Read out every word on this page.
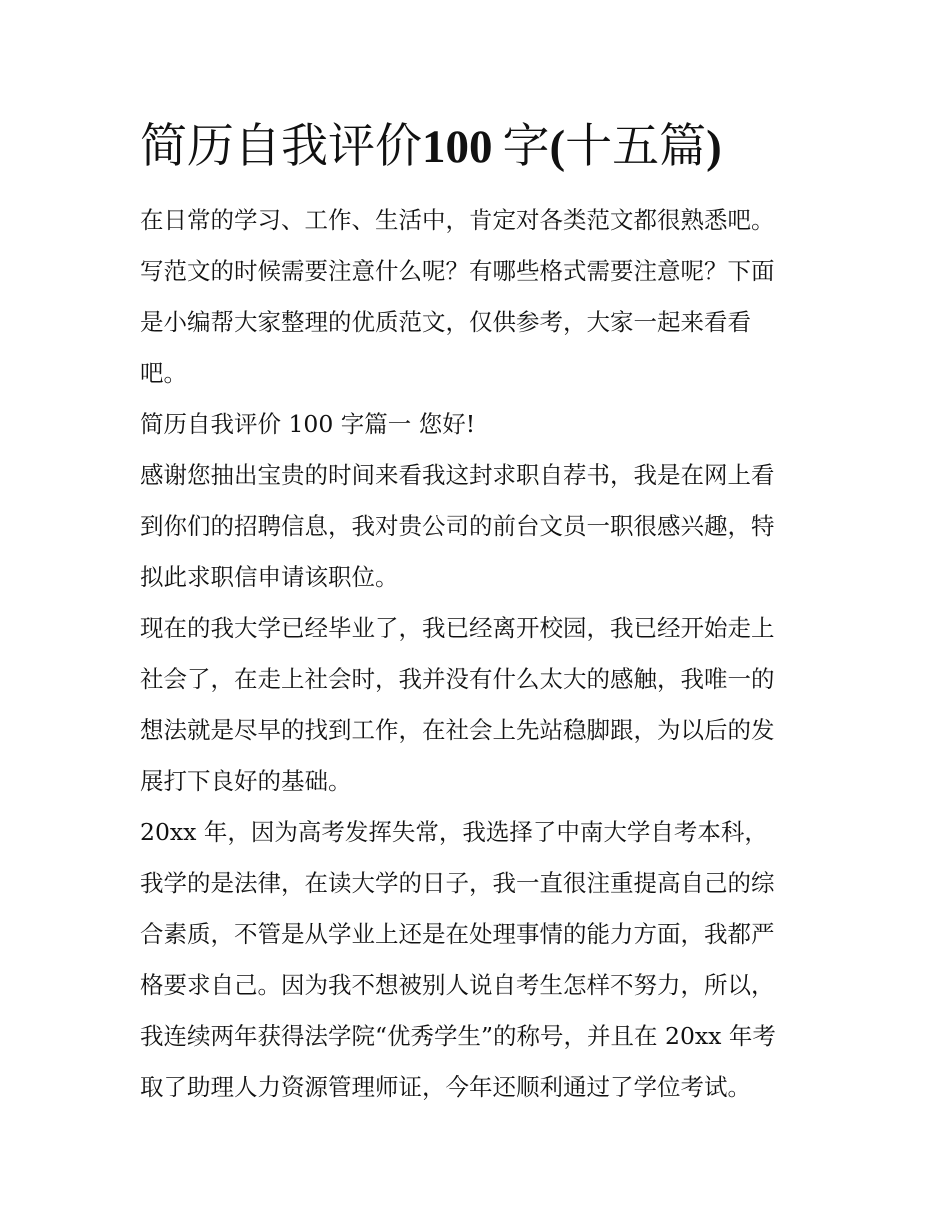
简历自我评价100 字(十五篇)
在日常的学习、工作、生活中，肯定对各类范文都很熟悉吧。
写范文的时候需要注意什么呢？有哪些格式需要注意呢？下面
是小编帮大家整理的优质范文，仅供参考，大家一起来看看
吧。
简历自我评价 100 字篇一 您好!
感谢您抽出宝贵的时间来看我这封求职自荐书，我是在网上看
到你们的招聘信息，我对贵公司的前台文员一职很感兴趣，特
拟此求职信申请该职位。
现在的我大学已经毕业了，我已经离开校园，我已经开始走上
社会了，在走上社会时，我并没有什么太大的感触，我唯一的
想法就是尽早的找到工作，在社会上先站稳脚跟，为以后的发
展打下良好的基础。
20xx 年，因为高考发挥失常，我选择了中南大学自考本科，
我学的是法律，在读大学的日子，我一直很注重提高自己的综
合素质，不管是从学业上还是在处理事情的能力方面，我都严
格要求自己。因为我不想被别人说自考生怎样不努力，所以，
我连续两年获得法学院“优秀学生”的称号，并且在 20xx 年考
取了助理人力资源管理师证，今年还顺利通过了学位考试。
